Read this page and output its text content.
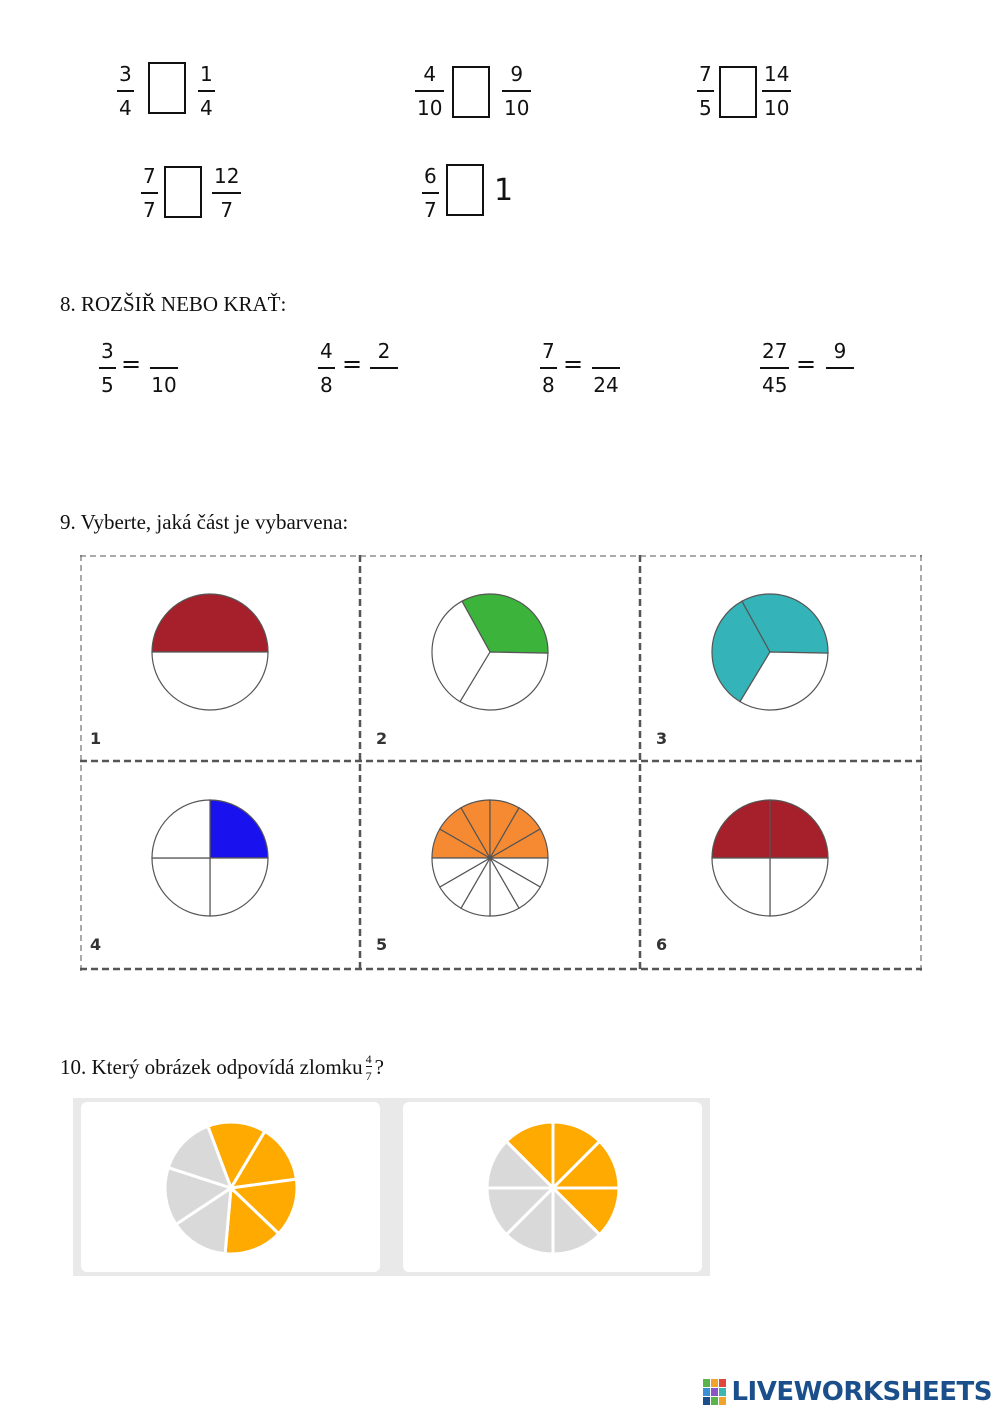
3
4
1
4
4
10
9
10
7
5
14
10
7
7
12
7
6
7
1
8. ROZŠIŘ NEBO KRAŤ:
3
5
=
10
4
8
= 2	7
8
=
24
27
45
= 9
9. Vyberte, jaká část je vybarvena:
1	2	3
4	5	6
10. Který obrázek odpovídá zlomku $\frac{4}{7}$ ?
LIVEWORKSHEETS
